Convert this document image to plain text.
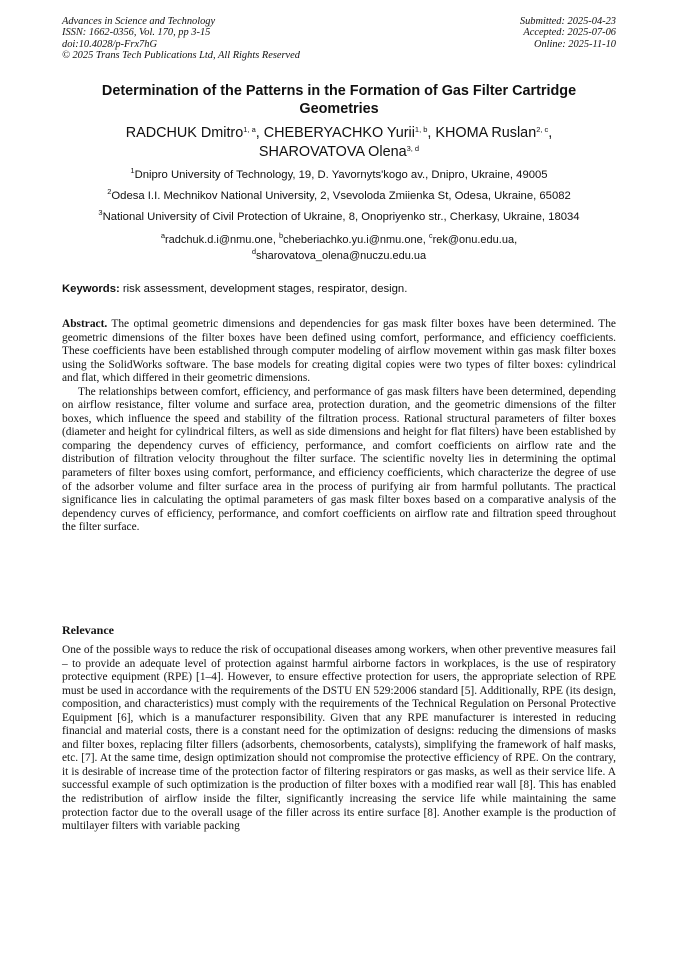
Advances in Science and Technology
ISSN: 1662-0356, Vol. 170, pp 3-15
doi:10.4028/p-Frx7hG
© 2025 Trans Tech Publications Ltd, All Rights Reserved
Submitted: 2025-04-23
Accepted: 2025-07-06
Online: 2025-11-10
Determination of the Patterns in the Formation of Gas Filter Cartridge Geometries
RADCHUK Dmitro$^{1, a}$, CHEBERYACHKO Yurii$^{1, b}$, KHOMA Ruslan$^{2, c}$,
SHAROVATOVA Olena$^{3, d}$
$^1$Dnipro University of Technology, 19, D. Yavornyts'kogo av., Dnipro, Ukraine, 49005
$^2$Odesa I.I. Mechnikov National University, 2, Vsevoloda Zmiienka St, Odesa, Ukraine, 65082
$^3$National University of Civil Protection of Ukraine, 8, Onopriyenko str., Cherkasy, Ukraine, 18034
$^a$radchuk.d.i@nmu.one, $^b$cheberiachko.yu.i@nmu.one, $^c$rek@onu.edu.ua,
$^d$sharovatova_olena@nuczu.edu.ua
Keywords: risk assessment, development stages, respirator, design.

Abstract. The optimal geometric dimensions and dependencies for gas mask filter boxes have been determined. The geometric dimensions of the filter boxes have been defined using comfort, performance, and efficiency coefficients. These coefficients have been established through computer modeling of airflow movement within gas mask filter boxes using the SolidWorks software. The base models for creating digital copies were two types of filter boxes: cylindrical and flat, which differed in their geometric dimensions.

The relationships between comfort, efficiency, and performance of gas mask filters have been determined, depending on airflow resistance, filter volume and surface area, protection duration, and the geometric dimensions of the filter boxes, which influence the speed and stability of the filtration process. Rational structural parameters of filter boxes (diameter and height for cylindrical filters, as well as side dimensions and height for flat filters) have been established by comparing the dependency curves of efficiency, performance, and comfort coefficients on airflow rate and the distribution of filtration velocity throughout the filter surface. The scientific novelty lies in determining the optimal parameters of filter boxes using comfort, performance, and efficiency coefficients, which characterize the degree of use of the adsorber volume and filter surface area in the process of purifying air from harmful pollutants. The practical significance lies in calculating the optimal parameters of gas mask filter boxes based on a comparative analysis of the dependency curves of efficiency, performance, and comfort coefficients on airflow rate and filtration speed throughout the filter surface.

Relevance

One of the possible ways to reduce the risk of occupational diseases among workers, when other preventive measures fail – to provide an adequate level of protection against harmful airborne factors in workplaces, is the use of respiratory protective equipment (RPE) [1–4]. However, to ensure effective protection for users, the appropriate selection of RPE must be used in accordance with the requirements of the DSTU EN 529:2006 standard [5]. Additionally, RPE (its design, composition, and characteristics) must comply with the requirements of the Technical Regulation on Personal Protective Equipment [6], which is a manufacturer responsibility. Given that any RPE manufacturer is interested in reducing financial and material costs, there is a constant need for the optimization of designs: reducing the dimensions of masks and filter boxes, replacing filter fillers (adsorbents, chemosorbents, catalysts), simplifying the framework of half masks, etc. [7]. At the same time, design optimization should not compromise the protective efficiency of RPE. On the contrary, it is desirable of increase time of the protection factor of filtering respirators or gas masks, as well as their service life. A successful example of such optimization is the production of filter boxes with a modified rear wall [8]. This has enabled the redistribution of airflow inside the filter, significantly increasing the service life while maintaining the same protection factor due to the overall usage of the filler across its entire surface [8]. Another example is the production of multilayer filters with variable packing
